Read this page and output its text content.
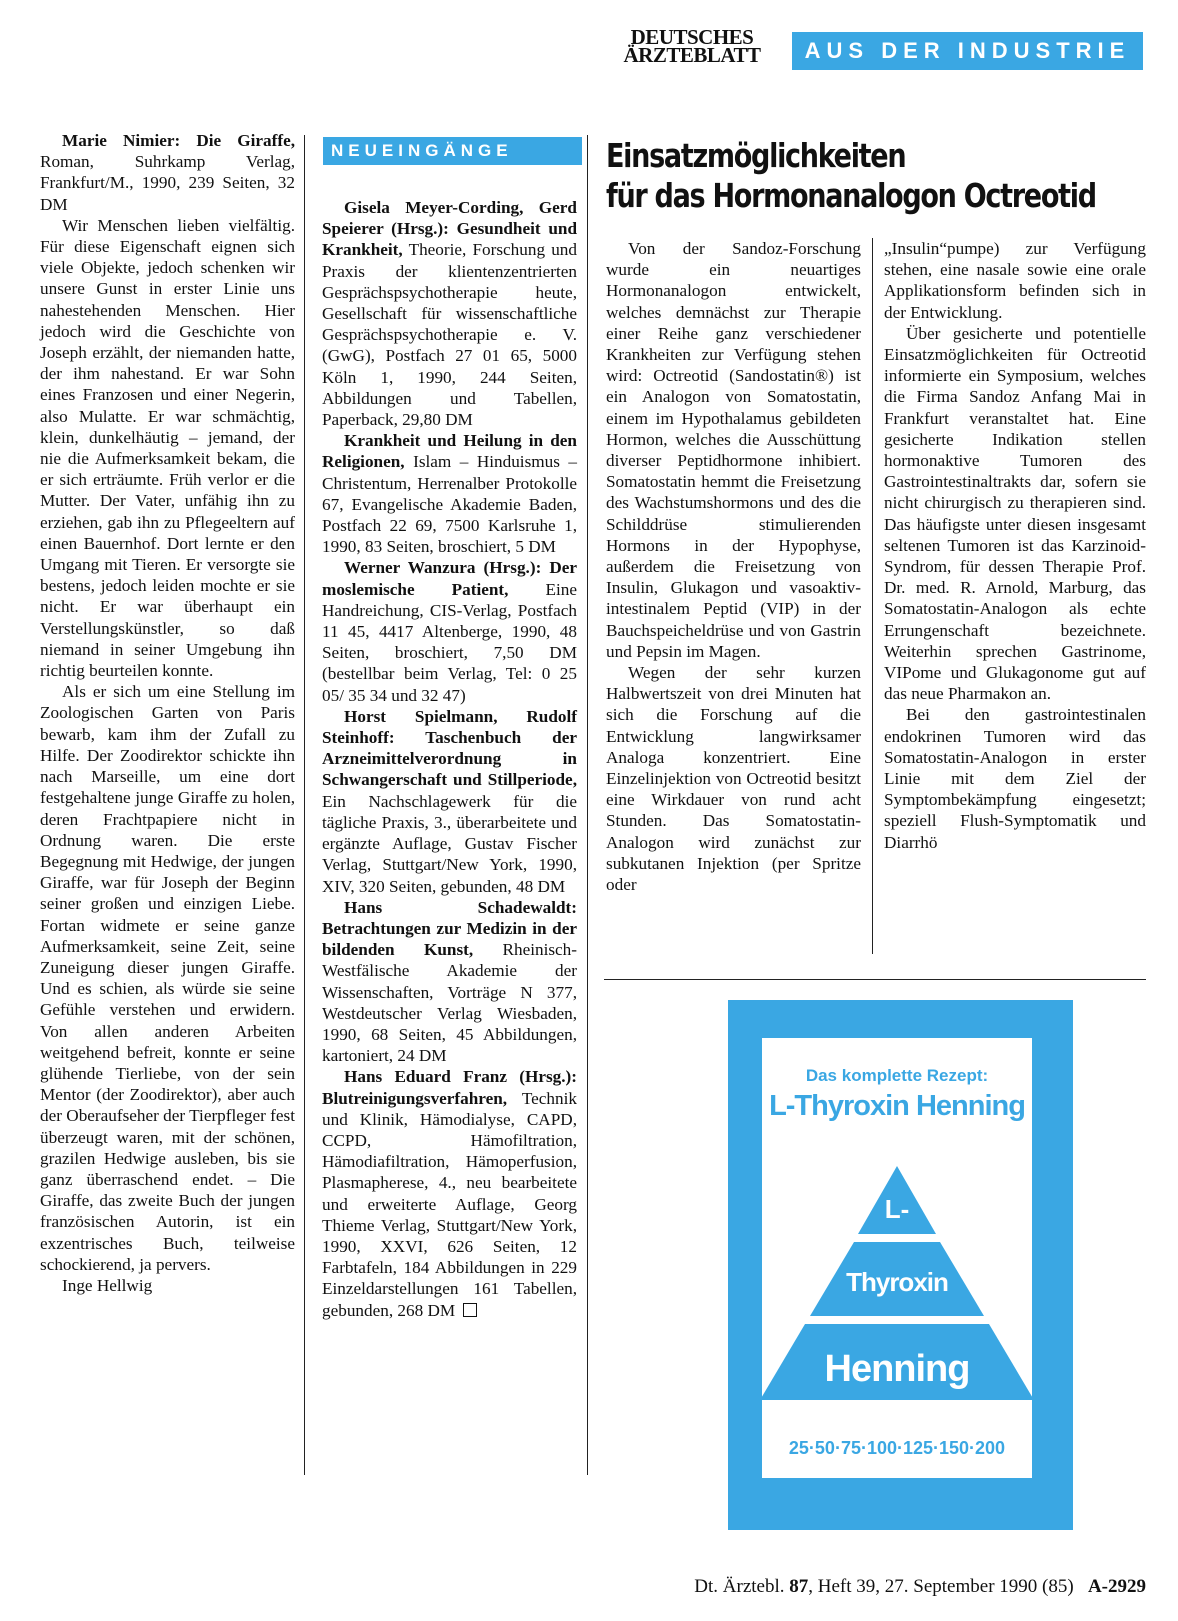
DEUTSCHES
ÄRZTEBLATT	AUS DER INDUSTRIE

Marie Nimier: Die Giraffe, Roman, Suhrkamp Verlag, Frankfurt/M., 1990, 239 Seiten, 32 DM

Wir Menschen lieben vielfältig. Für diese Eigenschaft eignen sich viele Objekte, jedoch schenken wir unsere Gunst in erster Linie uns nahestehenden Menschen. Hier jedoch wird die Geschichte von Joseph erzählt, der niemanden hatte, der ihm nahestand. Er war Sohn eines Franzosen und einer Negerin, also Mulatte. Er war schmächtig, klein, dunkelhäutig – jemand, der nie die Aufmerksamkeit bekam, die er sich erträumte. Früh verlor er die Mutter. Der Vater, unfähig ihn zu erziehen, gab ihn zu Pflegeeltern auf einen Bauernhof. Dort lernte er den Umgang mit Tieren. Er versorgte sie bestens, jedoch leiden mochte er sie nicht. Er war überhaupt ein Verstellungskünstler, so daß niemand in seiner Umgebung ihn richtig beurteilen konnte.

Als er sich um eine Stellung im Zoologischen Garten von Paris bewarb, kam ihm der Zufall zu Hilfe. Der Zoodirektor schickte ihn nach Marseille, um eine dort festgehaltene junge Giraffe zu holen, deren Frachtpapiere nicht in Ordnung waren. Die erste Begegnung mit Hedwige, der jungen Giraffe, war für Joseph der Beginn seiner großen und einzigen Liebe. Fortan widmete er seine ganze Aufmerksamkeit, seine Zeit, seine Zuneigung dieser jungen Giraffe. Und es schien, als würde sie seine Gefühle verstehen und erwidern. Von allen anderen Arbeiten weitgehend befreit, konnte er seine glühende Tierliebe, von der sein Mentor (der Zoodirektor), aber auch der Oberaufseher der Tierpfleger fest überzeugt waren, mit der schönen, grazilen Hedwige ausleben, bis sie ganz überraschend endet. – Die Giraffe, das zweite Buch der jungen französischen Autorin, ist ein exzentrisches Buch, teilweise schockierend, ja pervers.

Inge Hellwig

NEUEINGÄNGE

Gisela Meyer-Cording, Gerd Speierer (Hrsg.): Gesundheit und Krankheit, Theorie, Forschung und Praxis der klientenzentrierten Gesprächspsychotherapie heute, Gesellschaft für wissenschaftliche Gesprächspsychotherapie e. V. (GwG), Postfach 27 01 65, 5000 Köln 1, 1990, 244 Seiten, Abbildungen und Tabellen, Paperback, 29,80 DM

Krankheit und Heilung in den Religionen, Islam – Hinduismus – Christentum, Herrenalber Protokolle 67, Evangelische Akademie Baden, Postfach 22 69, 7500 Karlsruhe 1, 1990, 83 Seiten, broschiert, 5 DM

Werner Wanzura (Hrsg.): Der moslemische Patient, Eine Handreichung, CIS-Verlag, Postfach 11 45, 4417 Altenberge, 1990, 48 Seiten, broschiert, 7,50 DM (bestellbar beim Verlag, Tel: 0 25 05/ 35 34 und 32 47)

Horst Spielmann, Rudolf Steinhoff: Taschenbuch der Arzneimittelverordnung in Schwangerschaft und Stillperiode, Ein Nachschlagewerk für die tägliche Praxis, 3., überarbeitete und ergänzte Auflage, Gustav Fischer Verlag, Stuttgart/New York, 1990, XIV, 320 Seiten, gebunden, 48 DM

Hans Schadewaldt: Betrachtungen zur Medizin in der bildenden Kunst, Rheinisch-Westfälische Akademie der Wissenschaften, Vorträge N 377, Westdeutscher Verlag Wiesbaden, 1990, 68 Seiten, 45 Abbildungen, kartoniert, 24 DM

Hans Eduard Franz (Hrsg.): Blutreinigungsverfahren, Technik und Klinik, Hämodialyse, CAPD, CCPD, Hämofiltration, Hämodiafiltration, Hämoperfusion, Plasmapherese, 4., neu bearbeitete und erweiterte Auflage, Georg Thieme Verlag, Stuttgart/New York, 1990, XXVI, 626 Seiten, 12 Farbtafeln, 184 Abbildungen in 229 Einzeldarstellungen 161 Tabellen, gebunden, 268 DM

Einsatzmöglichkeiten
für das Hormonanalogon Octreotid

Von der Sandoz-Forschung wurde ein neuartiges Hormonanalogon entwickelt, welches demnächst zur Therapie einer Reihe ganz verschiedener Krankheiten zur Verfügung stehen wird: Octreotid (Sandostatin®) ist ein Analogon von Somatostatin, einem im Hypothalamus gebildeten Hormon, welches die Ausschüttung diverser Peptidhormone inhibiert. Somatostatin hemmt die Freisetzung des Wachstumshormons und des die Schilddrüse stimulierenden Hormons in der Hypophyse, außerdem die Freisetzung von Insulin, Glukagon und vasoaktiv-intestinalem Peptid (VIP) in der Bauchspeicheldrüse und von Gastrin und Pepsin im Magen.

Wegen der sehr kurzen Halbwertszeit von drei Minuten hat sich die Forschung auf die Entwicklung langwirksamer Analoga konzentriert. Eine Einzelinjektion von Octreotid besitzt eine Wirkdauer von rund acht Stunden. Das Somatostatin-Analogon wird zunächst zur subkutanen Injektion (per Spritze oder

„Insulin“pumpe) zur Verfügung stehen, eine nasale sowie eine orale Applikationsform befinden sich in der Entwicklung.

Über gesicherte und potentielle Einsatzmöglichkeiten für Octreotid informierte ein Symposium, welches die Firma Sandoz Anfang Mai in Frankfurt veranstaltet hat. Eine gesicherte Indikation stellen hormonaktive Tumoren des Gastrointestinaltrakts dar, sofern sie nicht chirurgisch zu therapieren sind. Das häufigste unter diesen insgesamt seltenen Tumoren ist das Karzinoid-Syndrom, für dessen Therapie Prof. Dr. med. R. Arnold, Marburg, das Somatostatin-Analogon als echte Errungenschaft bezeichnete. Weiterhin sprechen Gastrinome, VIPome und Glukagonome gut auf das neue Pharmakon an.

Bei den gastrointestinalen endokrinen Tumoren wird das Somatostatin-Analogon in erster Linie mit dem Ziel der Symptombekämpfung eingesetzt; speziell Flush-Symptomatik und Diarrhö

Das komplette Rezept:
L-Thyroxin Henning
L-
Thyroxin
Henning
25·50·75·100·125·150·200
Dt. Ärztebl. 87, Heft 39, 27. September 1990 (85) A-2929
